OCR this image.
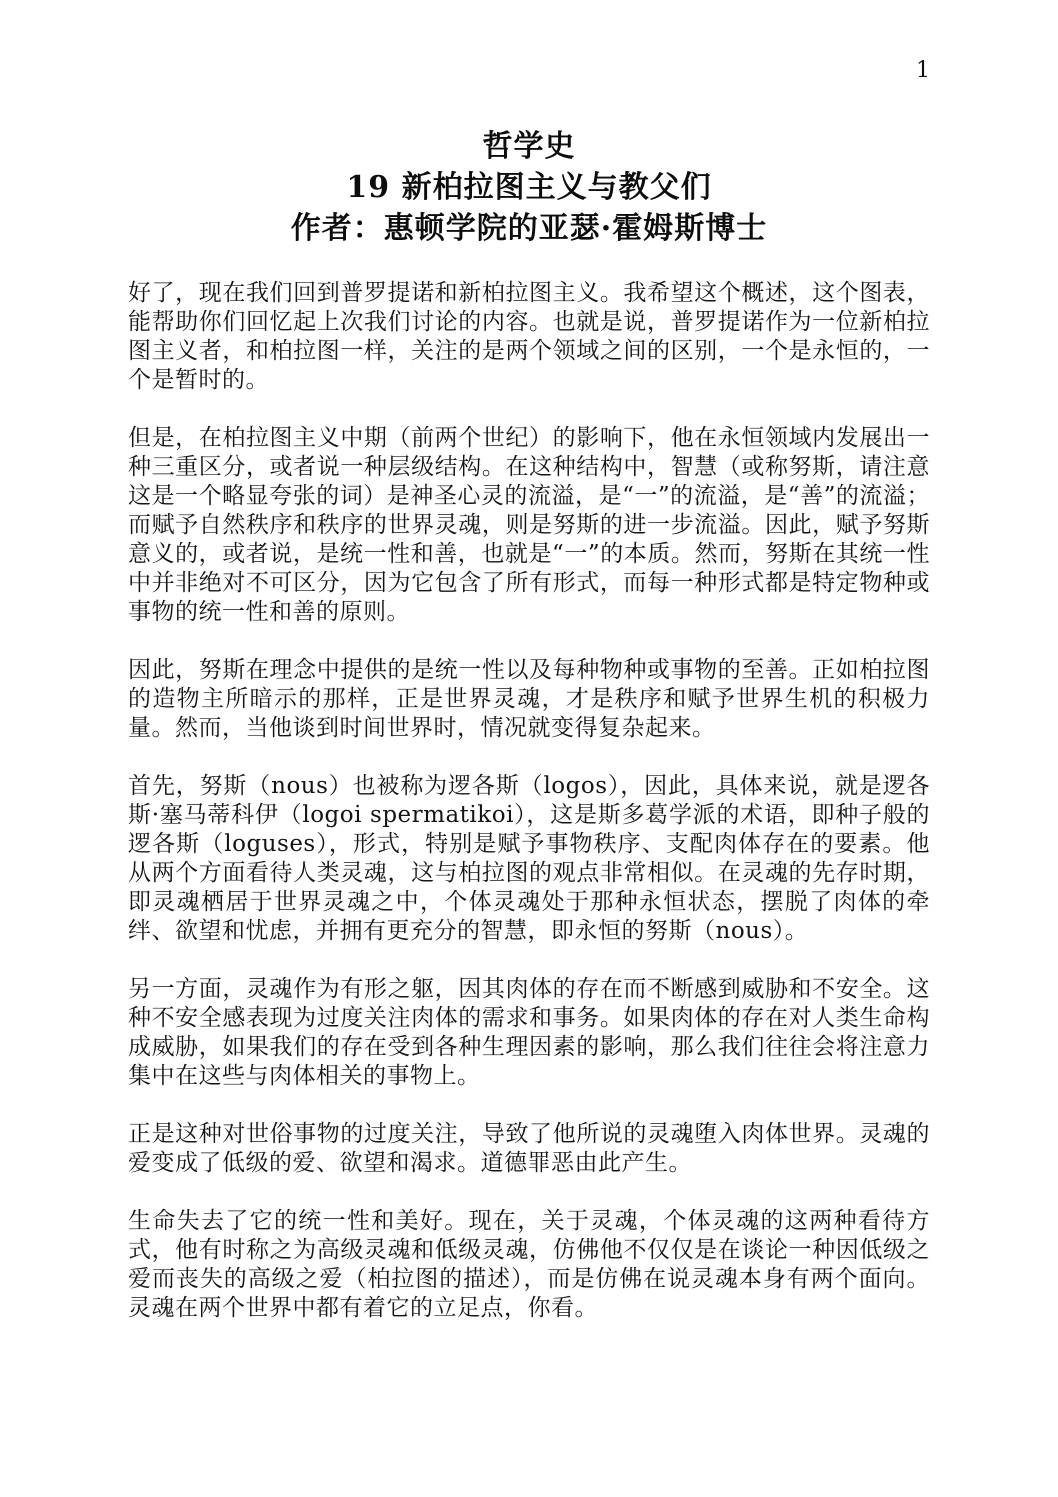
1
哲学史
19 新柏拉图主义与教父们
作者：惠顿学院的亚瑟·霍姆斯博士

好了，现在我们回到普罗提诺和新柏拉图主义。我希望这个概述，这个图表，能帮助你们回忆起上次我们讨论的内容。也就是说，普罗提诺作为一位新柏拉图主义者，和柏拉图一样，关注的是两个领域之间的区别，一个是永恒的，一个是暂时的。

但是，在柏拉图主义中期（前两个世纪）的影响下，他在永恒领域内发展出一种三重区分，或者说一种层级结构。在这种结构中，智慧（或称努斯，请注意这是一个略显夸张的词）是神圣心灵的流溢，是“一”的流溢，是“善”的流溢；而赋予自然秩序和秩序的世界灵魂，则是努斯的进一步流溢。因此，赋予努斯意义的，或者说，是统一性和善，也就是“一”的本质。然而，努斯在其统一性中并非绝对不可区分，因为它包含了所有形式，而每一种形式都是特定物种或事物的统一性和善的原则。

因此，努斯在理念中提供的是统一性以及每种物种或事物的至善。正如柏拉图的造物主所暗示的那样，正是世界灵魂，才是秩序和赋予世界生机的积极力量。然而，当他谈到时间世界时，情况就变得复杂起来。

首先，努斯（nous）也被称为逻各斯（logos），因此，具体来说，就是逻各斯·塞马蒂科伊（logoi spermatikoi），这是斯多葛学派的术语，即种子般的逻各斯（loguses），形式，特别是赋予事物秩序、支配肉体存在的要素。他从两个方面看待人类灵魂，这与柏拉图的观点非常相似。在灵魂的先存时期，即灵魂栖居于世界灵魂之中，个体灵魂处于那种永恒状态，摆脱了肉体的牵绊、欲望和忧虑，并拥有更充分的智慧，即永恒的努斯（nous）。

另一方面，灵魂作为有形之躯，因其肉体的存在而不断感到威胁和不安全。这种不安全感表现为过度关注肉体的需求和事务。如果肉体的存在对人类生命构成威胁，如果我们的存在受到各种生理因素的影响，那么我们往往会将注意力集中在这些与肉体相关的事物上。

正是这种对世俗事物的过度关注，导致了他所说的灵魂堕入肉体世界。灵魂的爱变成了低级的爱、欲望和渴求。道德罪恶由此产生。

生命失去了它的统一性和美好。现在，关于灵魂，个体灵魂的这两种看待方式，他有时称之为高级灵魂和低级灵魂，仿佛他不仅仅是在谈论一种因低级之爱而丧失的高级之爱（柏拉图的描述），而是仿佛在说灵魂本身有两个面向。灵魂在两个世界中都有着它的立足点，你看。
